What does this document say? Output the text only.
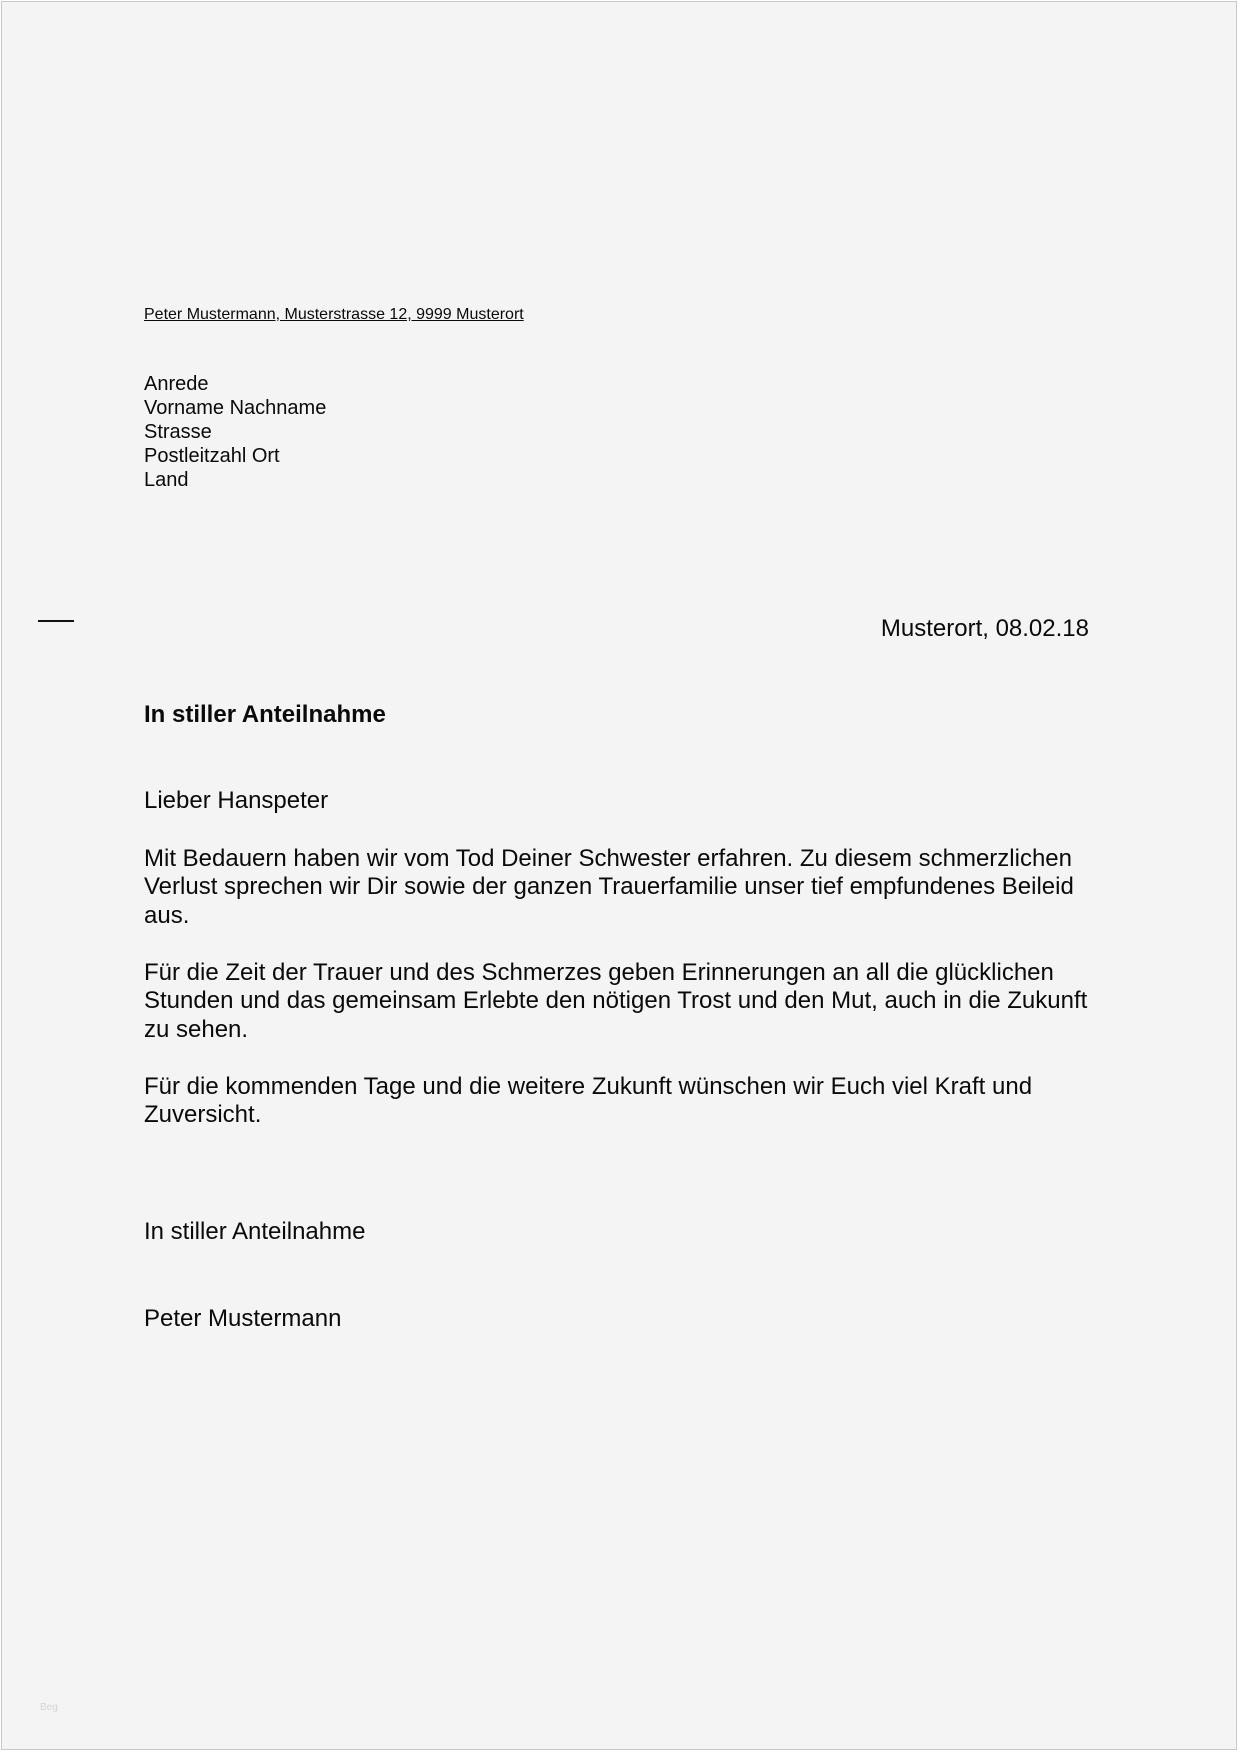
Peter Mustermann, Musterstrasse 12, 9999 Musterort
Anrede
Vorname Nachname
Strasse
Postleitzahl Ort
Land
Musterort, 08.02.18
In stiller Anteilnahme

Lieber Hanspeter

Mit Bedauern haben wir vom Tod Deiner Schwester erfahren. Zu diesem schmerzlichen Verlust sprechen wir Dir sowie der ganzen Trauerfamilie unser tief empfundenes Beileid aus.

Für die Zeit der Trauer und des Schmerzes geben Erinnerungen an all die glücklichen Stunden und das gemeinsam Erlebte den nötigen Trost und den Mut, auch in die Zukunft zu sehen.

Für die kommenden Tage und die weitere Zukunft wünschen wir Euch viel Kraft und Zuversicht.

In stiller Anteilnahme
Peter Mustermann
Beg
